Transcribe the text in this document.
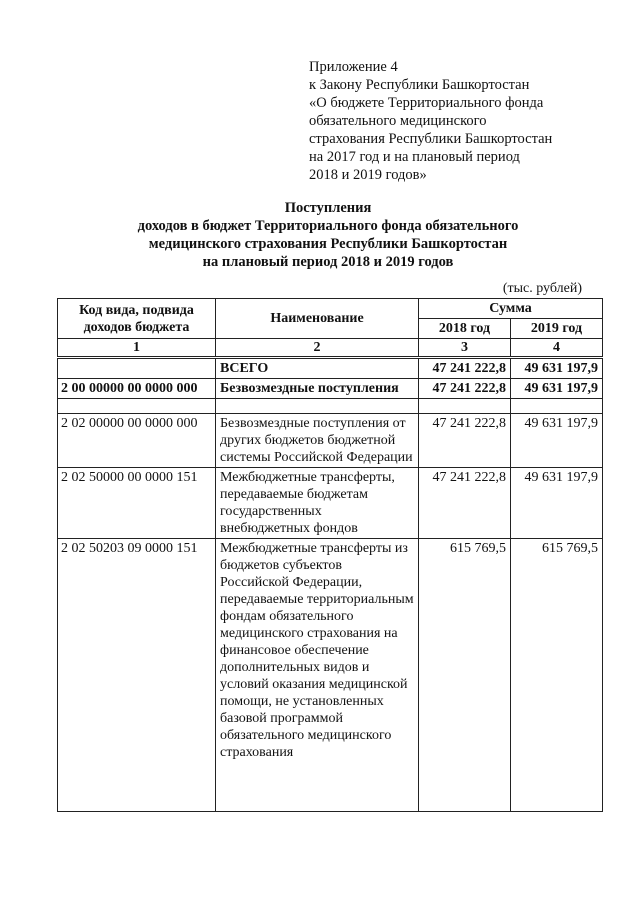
Приложение 4
к Закону Республики Башкортостан
«О бюджете Территориального фонда
обязательного медицинского
страхования Республики Башкортостан
на 2017 год и на плановый период
2018 и 2019 годов»
Поступления
доходов в бюджет Территориального фонда обязательного
медицинского страхования Республики Башкортостан
на плановый период 2018 и 2019 годов
(тыс. рублей)
Код вида, подвида доходов бюджета	Наименование	Сумма	
		2018 год	2019 год
1	2	3	4
	ВСЕГО	47 241 222,8	49 631 197,9
2 00 00000 00 0000 000	Безвозмездные поступления	47 241 222,8	49 631 197,9

2 02 00000 00 0000 000	Безвозмездные поступления от других бюджетов бюджетной системы Российской Федерации	47 241 222,8	49 631 197,9
2 02 50000 00 0000 151	Межбюджетные трансферты, передаваемые бюджетам государственных внебюджетных фондов	47 241 222,8	49 631 197,9
2 02 50203 09 0000 151	Межбюджетные трансферты из бюджетов субъектов Российской Федерации, передаваемые территориальным фондам обязательного медицинского страхования на финансовое обеспечение дополнительных видов и условий оказания медицинской помощи, не установленных базовой программой обязательного медицинского страхования	615 769,5	615 769,5
